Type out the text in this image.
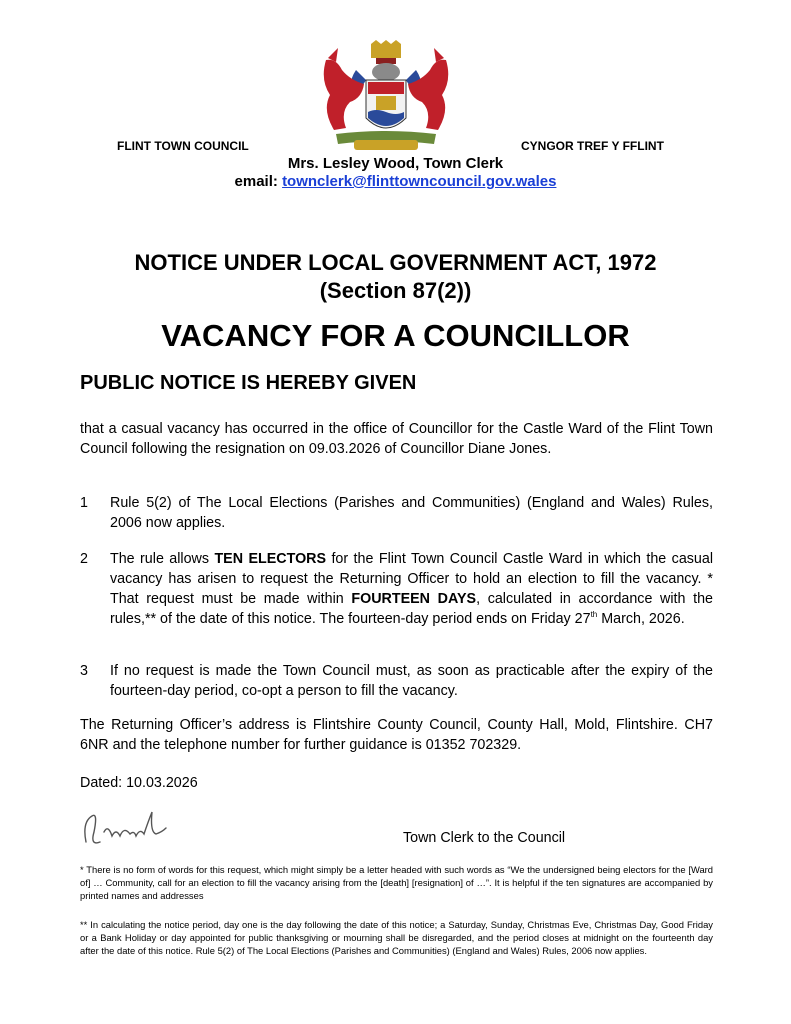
FLINT TOWN COUNCIL	CYNGOR TREF Y FFLINT
Mrs. Lesley Wood, Town Clerk
email: townclerk@flinttowncouncil.gov.wales
NOTICE UNDER LOCAL GOVERNMENT ACT, 1972
(Section 87(2))
VACANCY FOR A COUNCILLOR
PUBLIC NOTICE IS HEREBY GIVEN
that a casual vacancy has occurred in the office of Councillor for the Castle Ward of the Flint Town Council following the resignation on 09.03.2026 of Councillor Diane Jones.
1 Rule 5(2) of The Local Elections (Parishes and Communities) (England and Wales) Rules, 2006 now applies.
2 The rule allows TEN ELECTORS for the Flint Town Council Castle Ward in which the casual vacancy has arisen to request the Returning Officer to hold an election to fill the vacancy. * That request must be made within FOURTEEN DAYS, calculated in accordance with the rules,** of the date of this notice. The fourteen-day period ends on Friday 27th March, 2026.
3 If no request is made the Town Council must, as soon as practicable after the expiry of the fourteen-day period, co-opt a person to fill the vacancy.
The Returning Officer’s address is Flintshire County Council, County Hall, Mold, Flintshire. CH7 6NR and the telephone number for further guidance is 01352 702329.
Dated: 10.03.2026
Town Clerk to the Council
* There is no form of words for this request, which might simply be a letter headed with such words as “We the undersigned being electors for the [Ward of] … Community, call for an election to fill the vacancy arising from the [death] [resignation] of …”. It is helpful if the ten signatures are accompanied by printed names and addresses
** In calculating the notice period, day one is the day following the date of this notice; a Saturday, Sunday, Christmas Eve, Christmas Day, Good Friday or a Bank Holiday or day appointed for public thanksgiving or mourning shall be disregarded, and the period closes at midnight on the fourteenth day after the date of this notice. Rule 5(2) of The Local Elections (Parishes and Communities) (England and Wales) Rules, 2006 now applies.
